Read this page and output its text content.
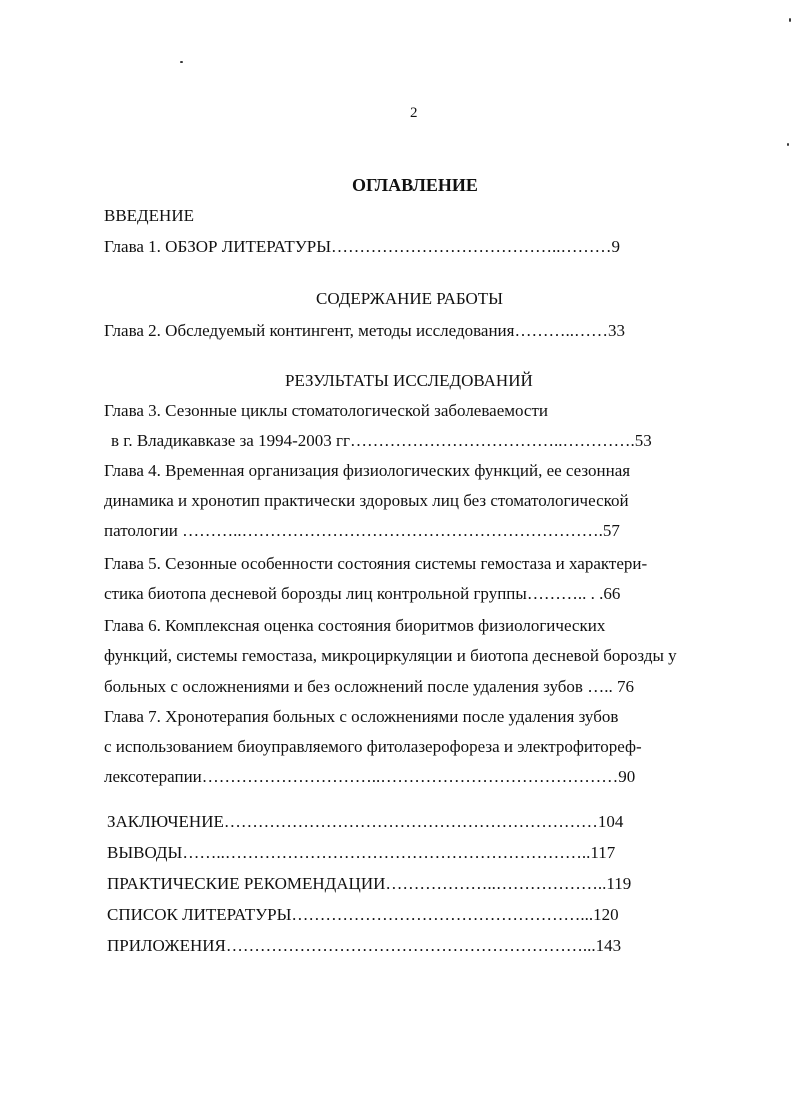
2
ОГЛАВЛЕНИЕ
ВВЕДЕНИЕ
Глава 1. ОБЗОР ЛИТЕРАТУРЫ…………………………………..………9
СОДЕРЖАНИЕ РАБОТЫ
Глава 2. Обследуемый контингент, методы исследования………..……33
РЕЗУЛЬТАТЫ ИССЛЕДОВАНИЙ
Глава 3. Сезонные циклы стоматологической заболеваемости
в г. Владикавказе за 1994-2003 гг………………………………..………….53
Глава 4. Временная организация физиологических функций, ее сезонная
динамика и хронотип практически здоровых лиц без стоматологической
патологии ………..……………………………………………………….57
Глава 5. Сезонные особенности состояния системы гемостаза и характери-
стика биотопа десневой борозды лиц контрольной группы……….. . .66
Глава 6. Комплексная оценка состояния биоритмов физиологических
функций, системы гемостаза, микроциркуляции и биотопа десневой борозды у
больных с осложнениями и без осложнений после удаления зубов ….. 76
Глава 7. Хронотерапия больных с осложнениями после удаления зубов
с использованием биоуправляемого фитолазерофореза и электрофитореф-
лексотерапии…………………………..……………………………………90
ЗАКЛЮЧЕНИЕ…………………………………………………………104
ВЫВОДЫ……..………………………………………………………..117
ПРАКТИЧЕСКИЕ РЕКОМЕНДАЦИИ………………..………………..119
СПИСОК ЛИТЕРАТУРЫ……………………………………………...120
ПРИЛОЖЕНИЯ………………………………………………………...143
